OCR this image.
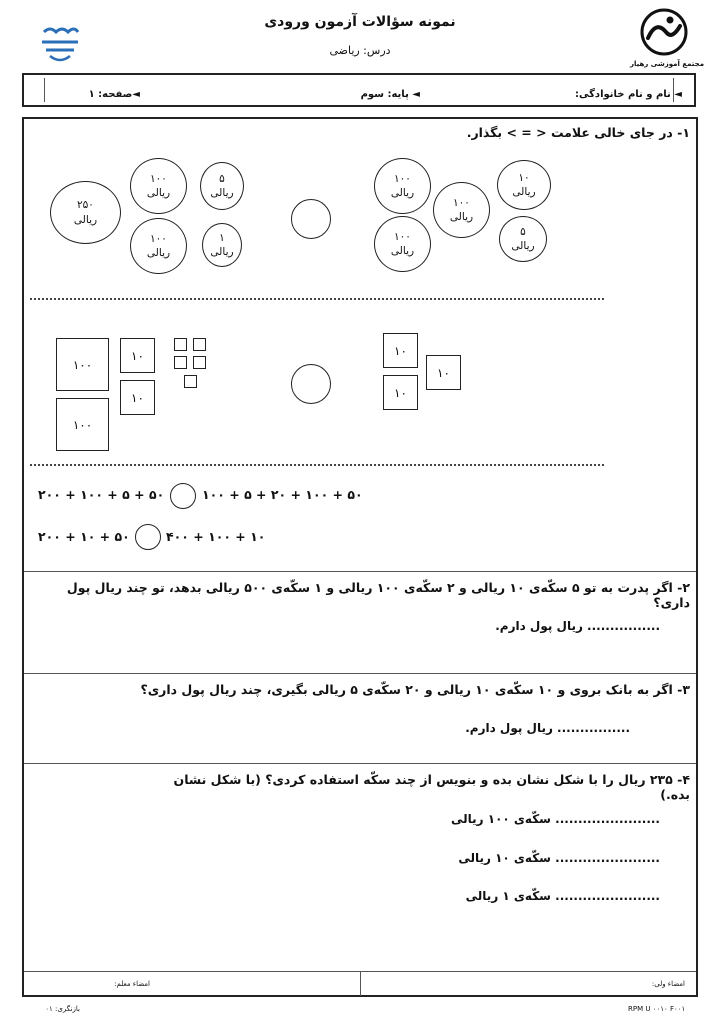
نمونه سؤالات آزمون ورودی
درس: ریاضی
مجتمع آموزشی رهیار
◄ نام و نام خانوادگی:
◄ پایه: سوم
◄صفحه: ۱
۱- در جای خالی علامت < = > بگذار.
۲۵۰
ریالی
۱۰۰
ریالی
۵
ریالی
۱۰۰
ریالی
۱
ریالی
۱۰۰
ریالی
۱۰
ریالی
۱۰۰
ریالی
۱۰۰
ریالی
۵
ریالی
۱۰۰
۱۰۰
۱۰
۱۰
۱۰
۱۰
۱۰
۲۰۰ + ۱۰۰ + ۵ + ۵۰	۱۰۰ + ۵ + ۲۰ + ۱۰۰ + ۵۰
۲۰۰ + ۱۰ + ۵۰	۴۰۰ + ۱۰۰ + ۱۰
۲- اگر پدرت به تو ۵ سکّه‌ی ۱۰ ریالی و ۲ سکّه‌ی ۱۰۰ ریالی و ۱ سکّه‌ی ۵۰۰ ریالی بدهد، تو چند ریال پول داری؟
................ ریال پول دارم.
۳- اگر به بانک بروی و ۱۰ سکّه‌ی ۱۰ ریالی و ۲۰ سکّه‌ی ۵ ریالی بگیری، چند ریال پول داری؟
................ ریال پول دارم.
۴- ۲۳۵ ریال را با شکل نشان بده و بنویس از چند سکّه استفاده کردی؟ (با شکل نشان بده.)
....................... سکّه‌ی ۱۰۰ ریالی
....................... سکّه‌ی ۱۰ ریالی
....................... سکّه‌ی ۱ ریالی
امضاء ولی:
امضاء معلم:
RPM U ۰۰۱۰ F۰۰۱
بازنگری: ۰۱
